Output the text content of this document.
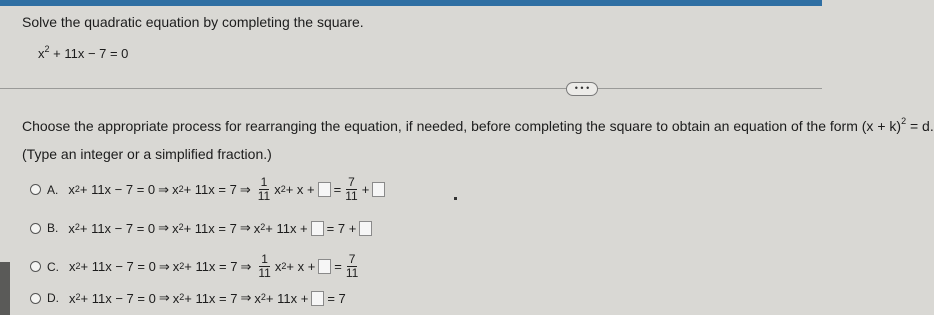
Solve the quadratic equation by completing the square.
$x^2 + 11x - 7 = 0$
• • •
Choose the appropriate process for rearranging the equation, if needed, before completing the square to obtain an equation of the form $(x + k)^2 = d$.
(Type an integer or a simplified fraction.)
A. $x^2 + 11x - 7 = 0$ ⇒ $x^2 + 11x = 7$ ⇒ $\frac{1}{11} x^2 + x$ + = $\frac{7}{11}$ +
B. $x^2 + 11x - 7 = 0$ ⇒ $x^2 + 11x = 7$ ⇒ $x^2 + 11x$ + = 7 +
C. $x^2 + 11x - 7 = 0$ ⇒ $x^2 + 11x = 7$ ⇒ $\frac{1}{11} x^2 + x$ + = $\frac{7}{11}$
D. $x^2 + 11x - 7 = 0$ ⇒ $x^2 + 11x = 7$ ⇒ $x^2 + 11x$ + = 7
